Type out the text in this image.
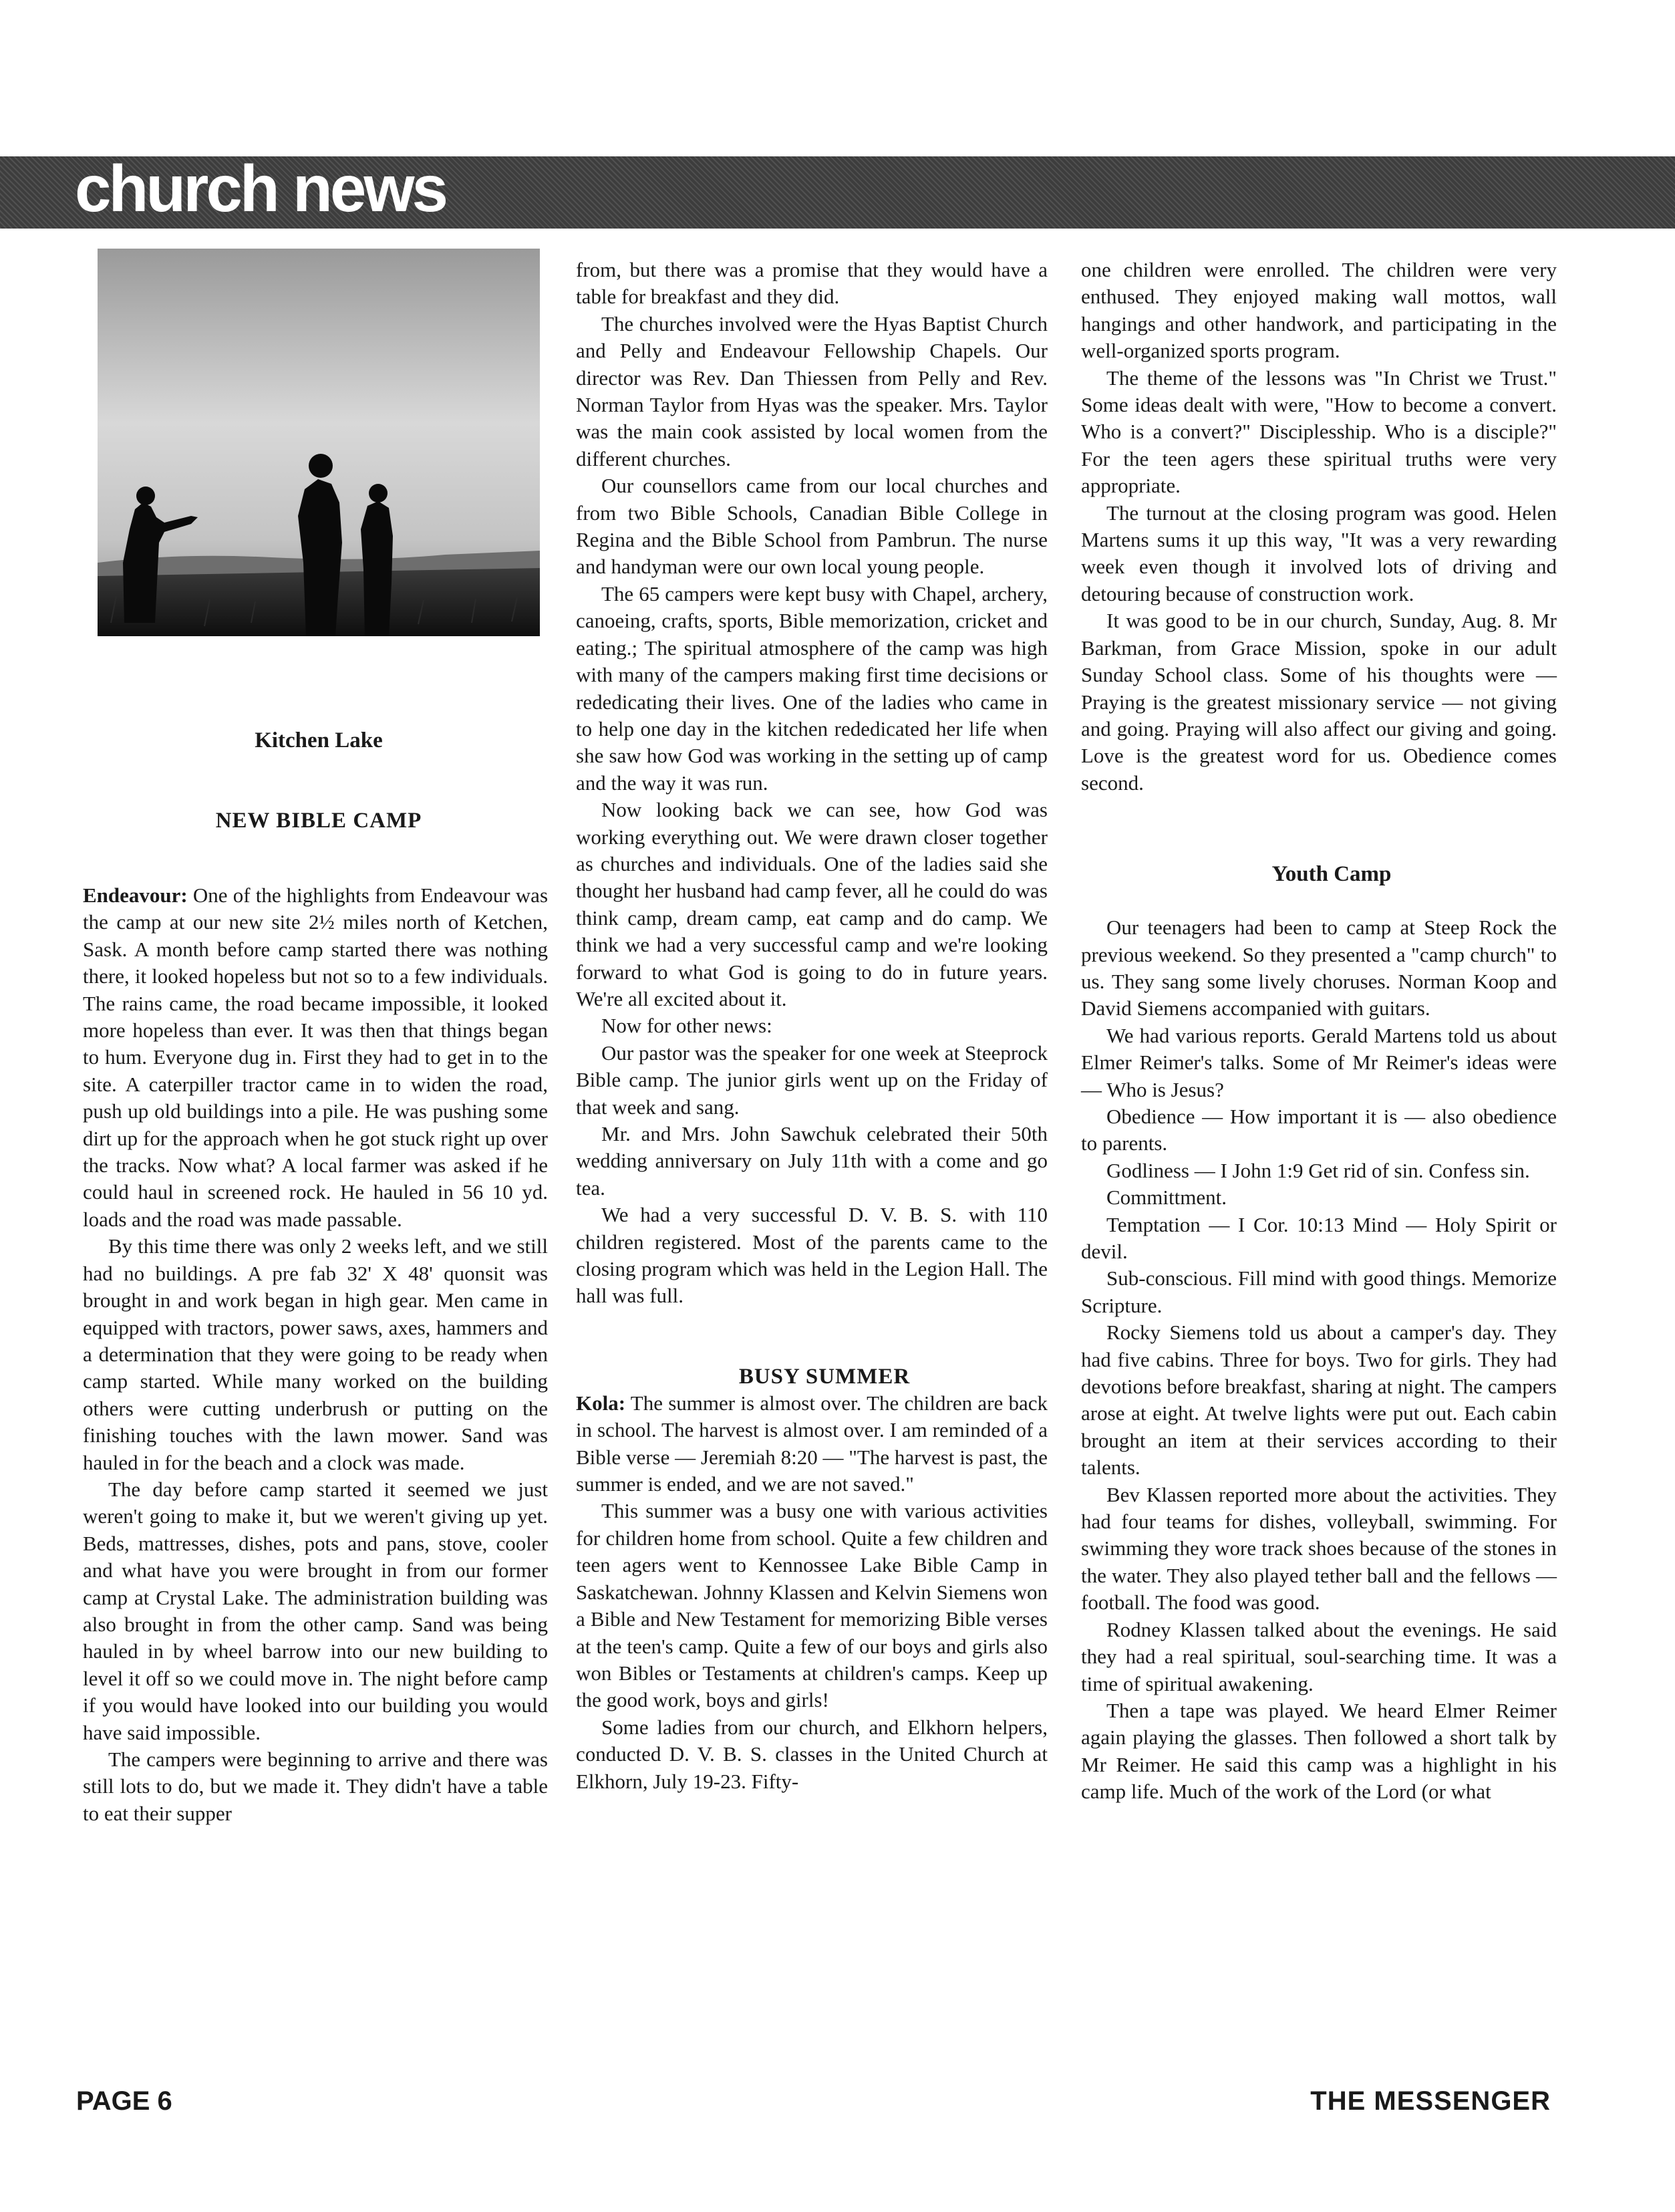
church news
Kitchen Lake
NEW BIBLE CAMP

Endeavour: One of the highlights from Endeavour was the camp at our new site 2½ miles north of Ketchen, Sask. A month before camp started there was nothing there, it looked hopeless but not so to a few individuals. The rains came, the road became impossible, it looked more hopeless than ever. It was then that things began to hum. Everyone dug in. First they had to get in to the site. A caterpiller tractor came in to widen the road, push up old buildings into a pile. He was pushing some dirt up for the approach when he got stuck right up over the tracks. Now what? A local farmer was asked if he could haul in screened rock. He hauled in 56 10 yd. loads and the road was made passable.

By this time there was only 2 weeks left, and we still had no buildings. A pre fab 32' X 48' quonsit was brought in and work began in high gear. Men came in equipped with tractors, power saws, axes, hammers and a determination that they were going to be ready when camp started. While many worked on the building others were cutting underbrush or putting on the finishing touches with the lawn mower. Sand was hauled in for the beach and a clock was made.

The day before camp started it seemed we just weren't going to make it, but we weren't giving up yet. Beds, mattresses, dishes, pots and pans, stove, cooler and what have you were brought in from our former camp at Crystal Lake. The administration building was also brought in from the other camp. Sand was being hauled in by wheel barrow into our new building to level it off so we could move in. The night before camp if you would have looked into our building you would have said impossible.

The campers were beginning to arrive and there was still lots to do, but we made it. They didn't have a table to eat their supper

from, but there was a promise that they would have a table for breakfast and they did.

The churches involved were the Hyas Baptist Church and Pelly and Endeavour Fellowship Chapels. Our director was Rev. Dan Thiessen from Pelly and Rev. Norman Taylor from Hyas was the speaker. Mrs. Taylor was the main cook assisted by local women from the different churches.

Our counsellors came from our local churches and from two Bible Schools, Canadian Bible College in Regina and the Bible School from Pambrun. The nurse and handyman were our own local young people.

The 65 campers were kept busy with Chapel, archery, canoeing, crafts, sports, Bible memorization, cricket and eating.; The spiritual atmosphere of the camp was high with many of the campers making first time decisions or rededicating their lives. One of the ladies who came in to help one day in the kitchen rededicated her life when she saw how God was working in the setting up of camp and the way it was run.

Now looking back we can see, how God was working everything out. We were drawn closer together as churches and individuals. One of the ladies said she thought her husband had camp fever, all he could do was think camp, dream camp, eat camp and do camp. We think we had a very successful camp and we're looking forward to what God is going to do in future years. We're all excited about it.

Now for other news:

Our pastor was the speaker for one week at Steeprock Bible camp. The junior girls went up on the Friday of that week and sang.

Mr. and Mrs. John Sawchuk celebrated their 50th wedding anniversary on July 11th with a come and go tea.

We had a very successful D. V. B. S. with 110 children registered. Most of the parents came to the closing program which was held in the Legion Hall. The hall was full.

BUSY SUMMER

Kola: The summer is almost over. The children are back in school. The harvest is almost over. I am reminded of a Bible verse — Jeremiah 8:20 — "The harvest is past, the summer is ended, and we are not saved."

This summer was a busy one with various activities for children home from school. Quite a few children and teen agers went to Kennossee Lake Bible Camp in Saskatchewan. Johnny Klassen and Kelvin Siemens won a Bible and New Testament for memorizing Bible verses at the teen's camp. Quite a few of our boys and girls also won Bibles or Testaments at children's camps. Keep up the good work, boys and girls!

Some ladies from our church, and Elkhorn helpers, conducted D. V. B. S. classes in the United Church at Elkhorn, July 19-23. Fifty-

one children were enrolled. The children were very enthused. They enjoyed making wall mottos, wall hangings and other handwork, and participating in the well-organized sports program.

The theme of the lessons was "In Christ we Trust." Some ideas dealt with were, "How to become a convert. Who is a convert?" Disciplesship. Who is a disciple?" For the teen agers these spiritual truths were very appropriate.

The turnout at the closing program was good. Helen Martens sums it up this way, "It was a very rewarding week even though it involved lots of driving and detouring because of construction work.

It was good to be in our church, Sunday, Aug. 8. Mr Barkman, from Grace Mission, spoke in our adult Sunday School class. Some of his thoughts were — Praying is the greatest missionary service — not giving and going. Praying will also affect our giving and going. Love is the greatest word for us. Obedience comes second.

Youth Camp

Our teenagers had been to camp at Steep Rock the previous weekend. So they presented a "camp church" to us. They sang some lively choruses. Norman Koop and David Siemens accompanied with guitars.

We had various reports. Gerald Martens told us about Elmer Reimer's talks. Some of Mr Reimer's ideas were — Who is Jesus?

Obedience — How important it is — also obedience to parents.

Godliness — I John 1:9 Get rid of sin. Confess sin.

Committment.

Temptation — I Cor. 10:13 Mind — Holy Spirit or devil.

Sub-conscious. Fill mind with good things. Memorize Scripture.

Rocky Siemens told us about a camper's day. They had five cabins. Three for boys. Two for girls. They had devotions before breakfast, sharing at night. The campers arose at eight. At twelve lights were put out. Each cabin brought an item at their services according to their talents.

Bev Klassen reported more about the activities. They had four teams for dishes, volleyball, swimming. For swimming they wore track shoes because of the stones in the water. They also played tether ball and the fellows — football. The food was good.

Rodney Klassen talked about the evenings. He said they had a real spiritual, soul-searching time. It was a time of spiritual awakening.

Then a tape was played. We heard Elmer Reimer again playing the glasses. Then followed a short talk by Mr Reimer. He said this camp was a highlight in his camp life. Much of the work of the Lord (or what

PAGE 6	THE MESSENGER
